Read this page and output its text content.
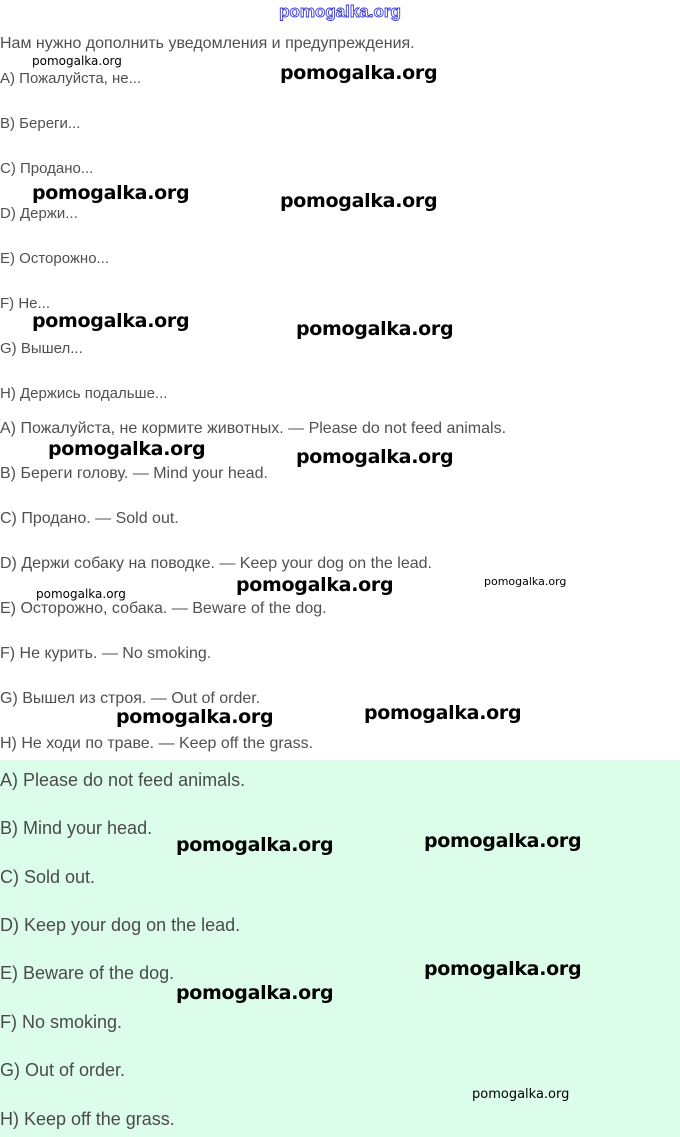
pomogalka.org
Нам нужно дополнить уведомления и предупреждения.
A) Пожалуйста, не...
B) Береги...
C) Продано...
D) Держи...
E) Осторожно...
F) Не...
G) Вышел...
H) Держись подальше...
A) Пожалуйста, не кормите животных. — Please do not feed animals.
B) Береги голову. — Mind your head.
C) Продано. — Sold out.
D) Держи собаку на поводке. — Keep your dog on the lead.
E) Осторожно, собака. — Beware of the dog.
F) Не курить. — No smoking.
G) Вышел из строя. — Out of order.
H) Не ходи по траве. — Keep off the grass.
A) Please do not feed animals.
B) Mind your head.
C) Sold out.
D) Keep your dog on the lead.
E) Beware of the dog.
F) No smoking.
G) Out of order.
H) Keep off the grass.
pomogalka.org
pomogalka.org
pomogalka.org	pomogalka.org
pomogalka.org	pomogalka.org
pomogalka.org	pomogalka.org
pomogalka.org	pomogalka.org	pomogalka.org
pomogalka.org	pomogalka.org
pomogalka.org	pomogalka.org
pomogalka.org
pomogalka.org
pomogalka.org
